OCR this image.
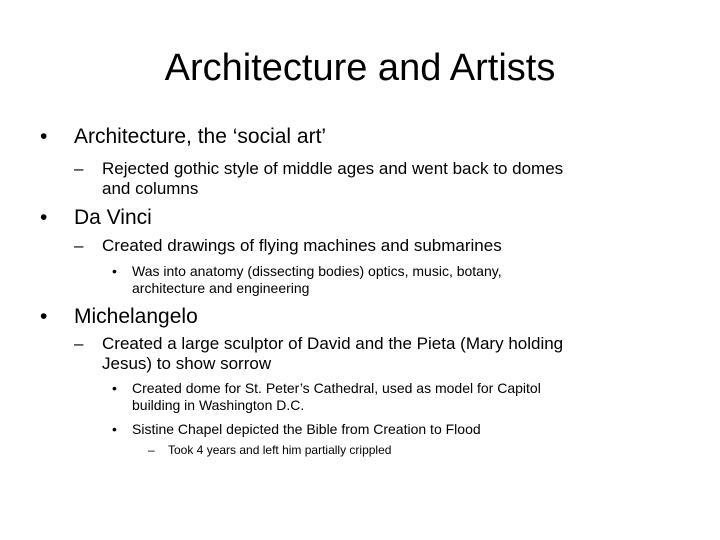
Architecture and Artists
•	Architecture, the ‘social art’
–	Rejected gothic style of middle ages and went back to domes
and columns
•	Da Vinci
–	Created drawings of flying machines and submarines
•	Was into anatomy (dissecting bodies) optics, music, botany,
architecture and engineering
•	Michelangelo
–	Created a large sculptor of David and the Pieta (Mary holding
Jesus) to show sorrow
•	Created dome for St. Peter’s Cathedral, used as model for Capitol
building in Washington D.C.
•	Sistine Chapel depicted the Bible from Creation to Flood
–	Took 4 years and left him partially crippled
